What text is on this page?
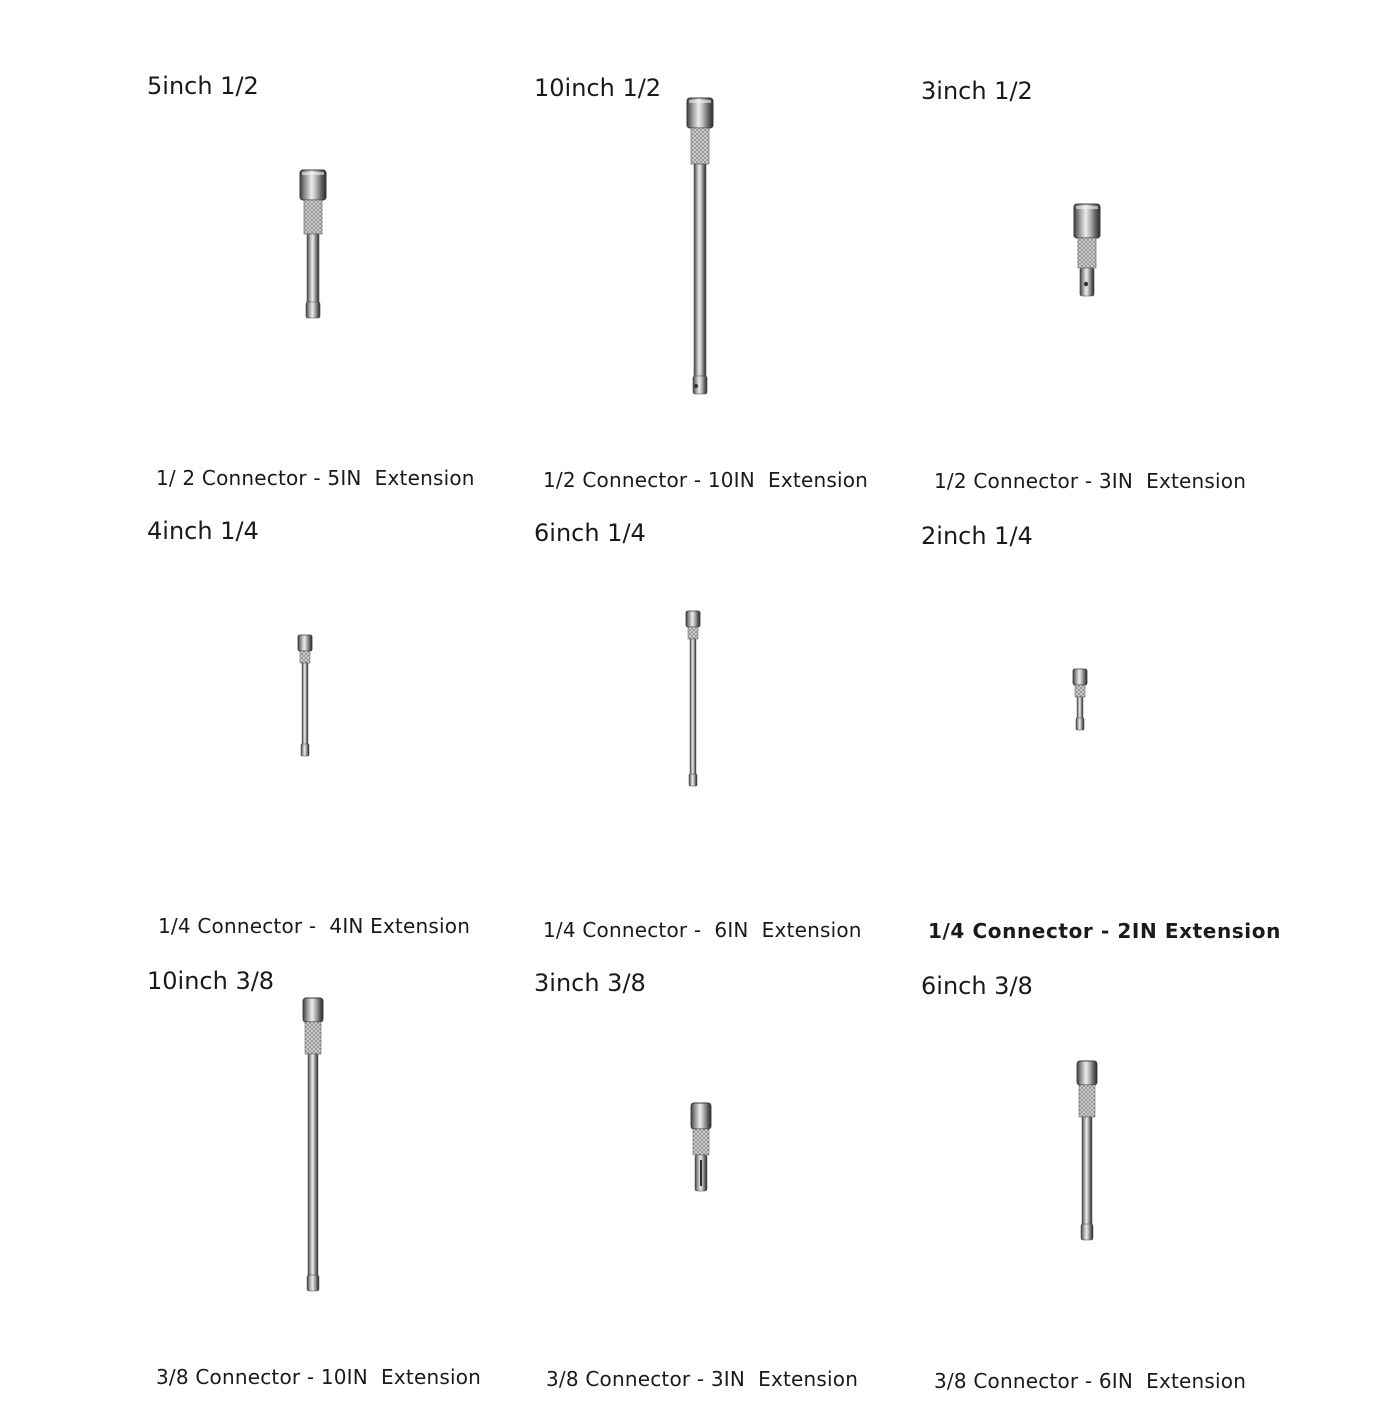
5inch 1/2
1/ 2 Connector - 5IN  Extension
10inch 1/2
1/2 Connector - 10IN  Extension
3inch 1/2
1/2 Connector - 3IN  Extension
4inch 1/4
1/4 Connector -  4IN Extension
6inch 1/4
1/4 Connector -  6IN  Extension
2inch 1/4
1/4 Connector - 2IN Extension
10inch 3/8
3/8 Connector - 10IN  Extension
3inch 3/8
3/8 Connector - 3IN  Extension
6inch 3/8
3/8 Connector - 6IN  Extension
